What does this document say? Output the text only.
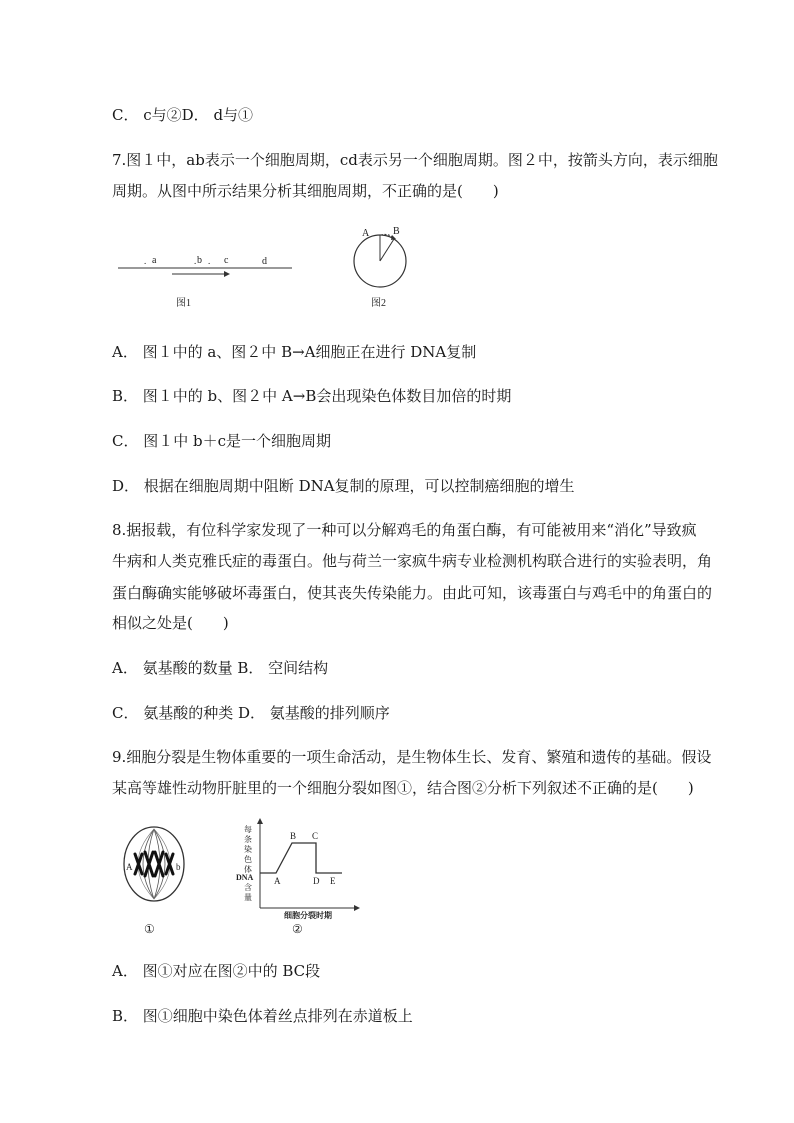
C． c与②D． d与①
7.图１中，ab表示一个细胞周期，cd表示另一个细胞周期。图２中，按箭头方向，表示细胞
周期。从图中所示结果分析其细胞周期，不正确的是(　　)
. a	. b . c	d
图1
A B
图2
A． 图１中的 a、图２中 B→A细胞正在进行 DNA复制
B． 图１中的 b、图２中 A→B会出现染色体数目加倍的时期
C． 图１中 b＋c是一个细胞周期
D． 根据在细胞周期中阻断 DNA复制的原理，可以控制癌细胞的增生
8.据报载，有位科学家发现了一种可以分解鸡毛的角蛋白酶，有可能被用来“消化”导致疯
牛病和人类克雅氏症的毒蛋白。他与荷兰一家疯牛病专业检测机构联合进行的实验表明，角
蛋白酶确实能够破坏毒蛋白，使其丧失传染能力。由此可知，该毒蛋白与鸡毛中的角蛋白的
相似之处是(　　)
A． 氨基酸的数量 B． 空间结构
C． 氨基酸的种类 D． 氨基酸的排列顺序
9.细胞分裂是生物体重要的一项生命活动，是生物体生长、发育、繁殖和遗传的基础。假设
某高等雄性动物肝脏里的一个细胞分裂如图①，结合图②分析下列叙述不正确的是(　　)
A	b
①
每
条
染
色
体
DNA
含
量
A
B C
D E
细胞分裂时期
②
A． 图①对应在图②中的 BC段
B． 图①细胞中染色体着丝点排列在赤道板上
